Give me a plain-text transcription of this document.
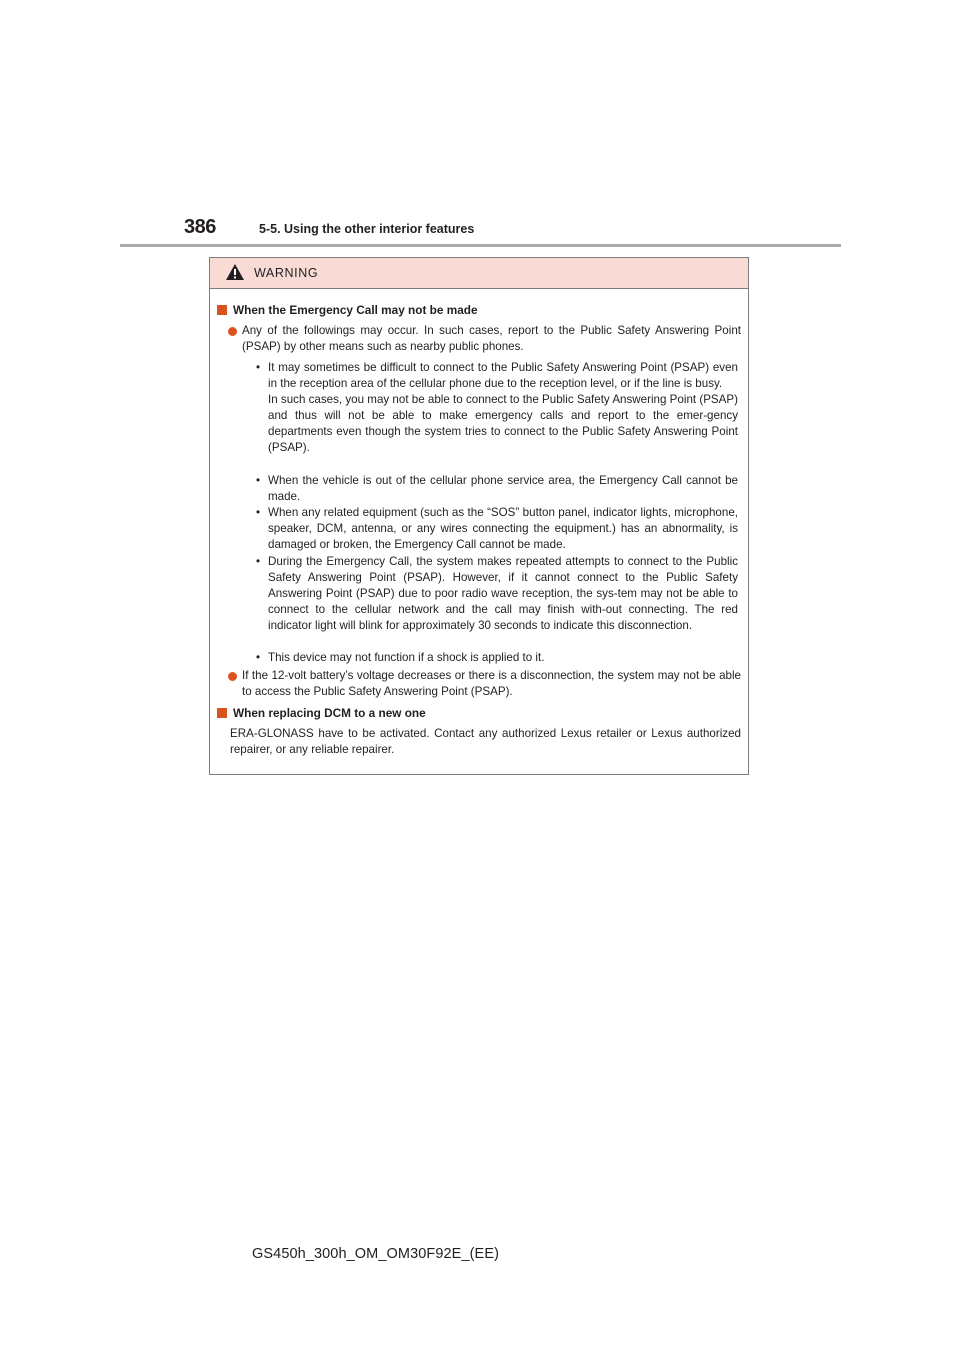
386	5-5. Using the other interior features
WARNING
When the Emergency Call may not be made
Any of the followings may occur. In such cases, report to the Public Safety Answering Point (PSAP) by other means such as nearby public phones.
• It may sometimes be difficult to connect to the Public Safety Answering Point (PSAP) even in the reception area of the cellular phone due to the reception level, or if the line is busy.

In such cases, you may not be able to connect to the Public Safety Answering Point (PSAP) and thus will not be able to make emergency calls and report to the emer-gency departments even though the system tries to connect to the Public Safety Answering Point (PSAP).

• When the vehicle is out of the cellular phone service area, the Emergency Call cannot be made.

• When any related equipment (such as the “SOS” button panel, indicator lights, microphone, speaker, DCM, antenna, or any wires connecting the equipment.) has an abnormality, is damaged or broken, the Emergency Call cannot be made.

• During the Emergency Call, the system makes repeated attempts to connect to the Public Safety Answering Point (PSAP). However, if it cannot connect to the Public Safety Answering Point (PSAP) due to poor radio wave reception, the sys-tem may not be able to connect to the cellular network and the call may finish with-out connecting. The red indicator light will blink for approximately 30 seconds to indicate this disconnection.

• This device may not function if a shock is applied to it.

If the 12-volt battery’s voltage decreases or there is a disconnection, the system may not be able to access the Public Safety Answering Point (PSAP).
When replacing DCM to a new one
ERA-GLONASS have to be activated. Contact any authorized Lexus retailer or Lexus authorized repairer, or any reliable repairer.
GS450h_300h_OM_OM30F92E_(EE)
